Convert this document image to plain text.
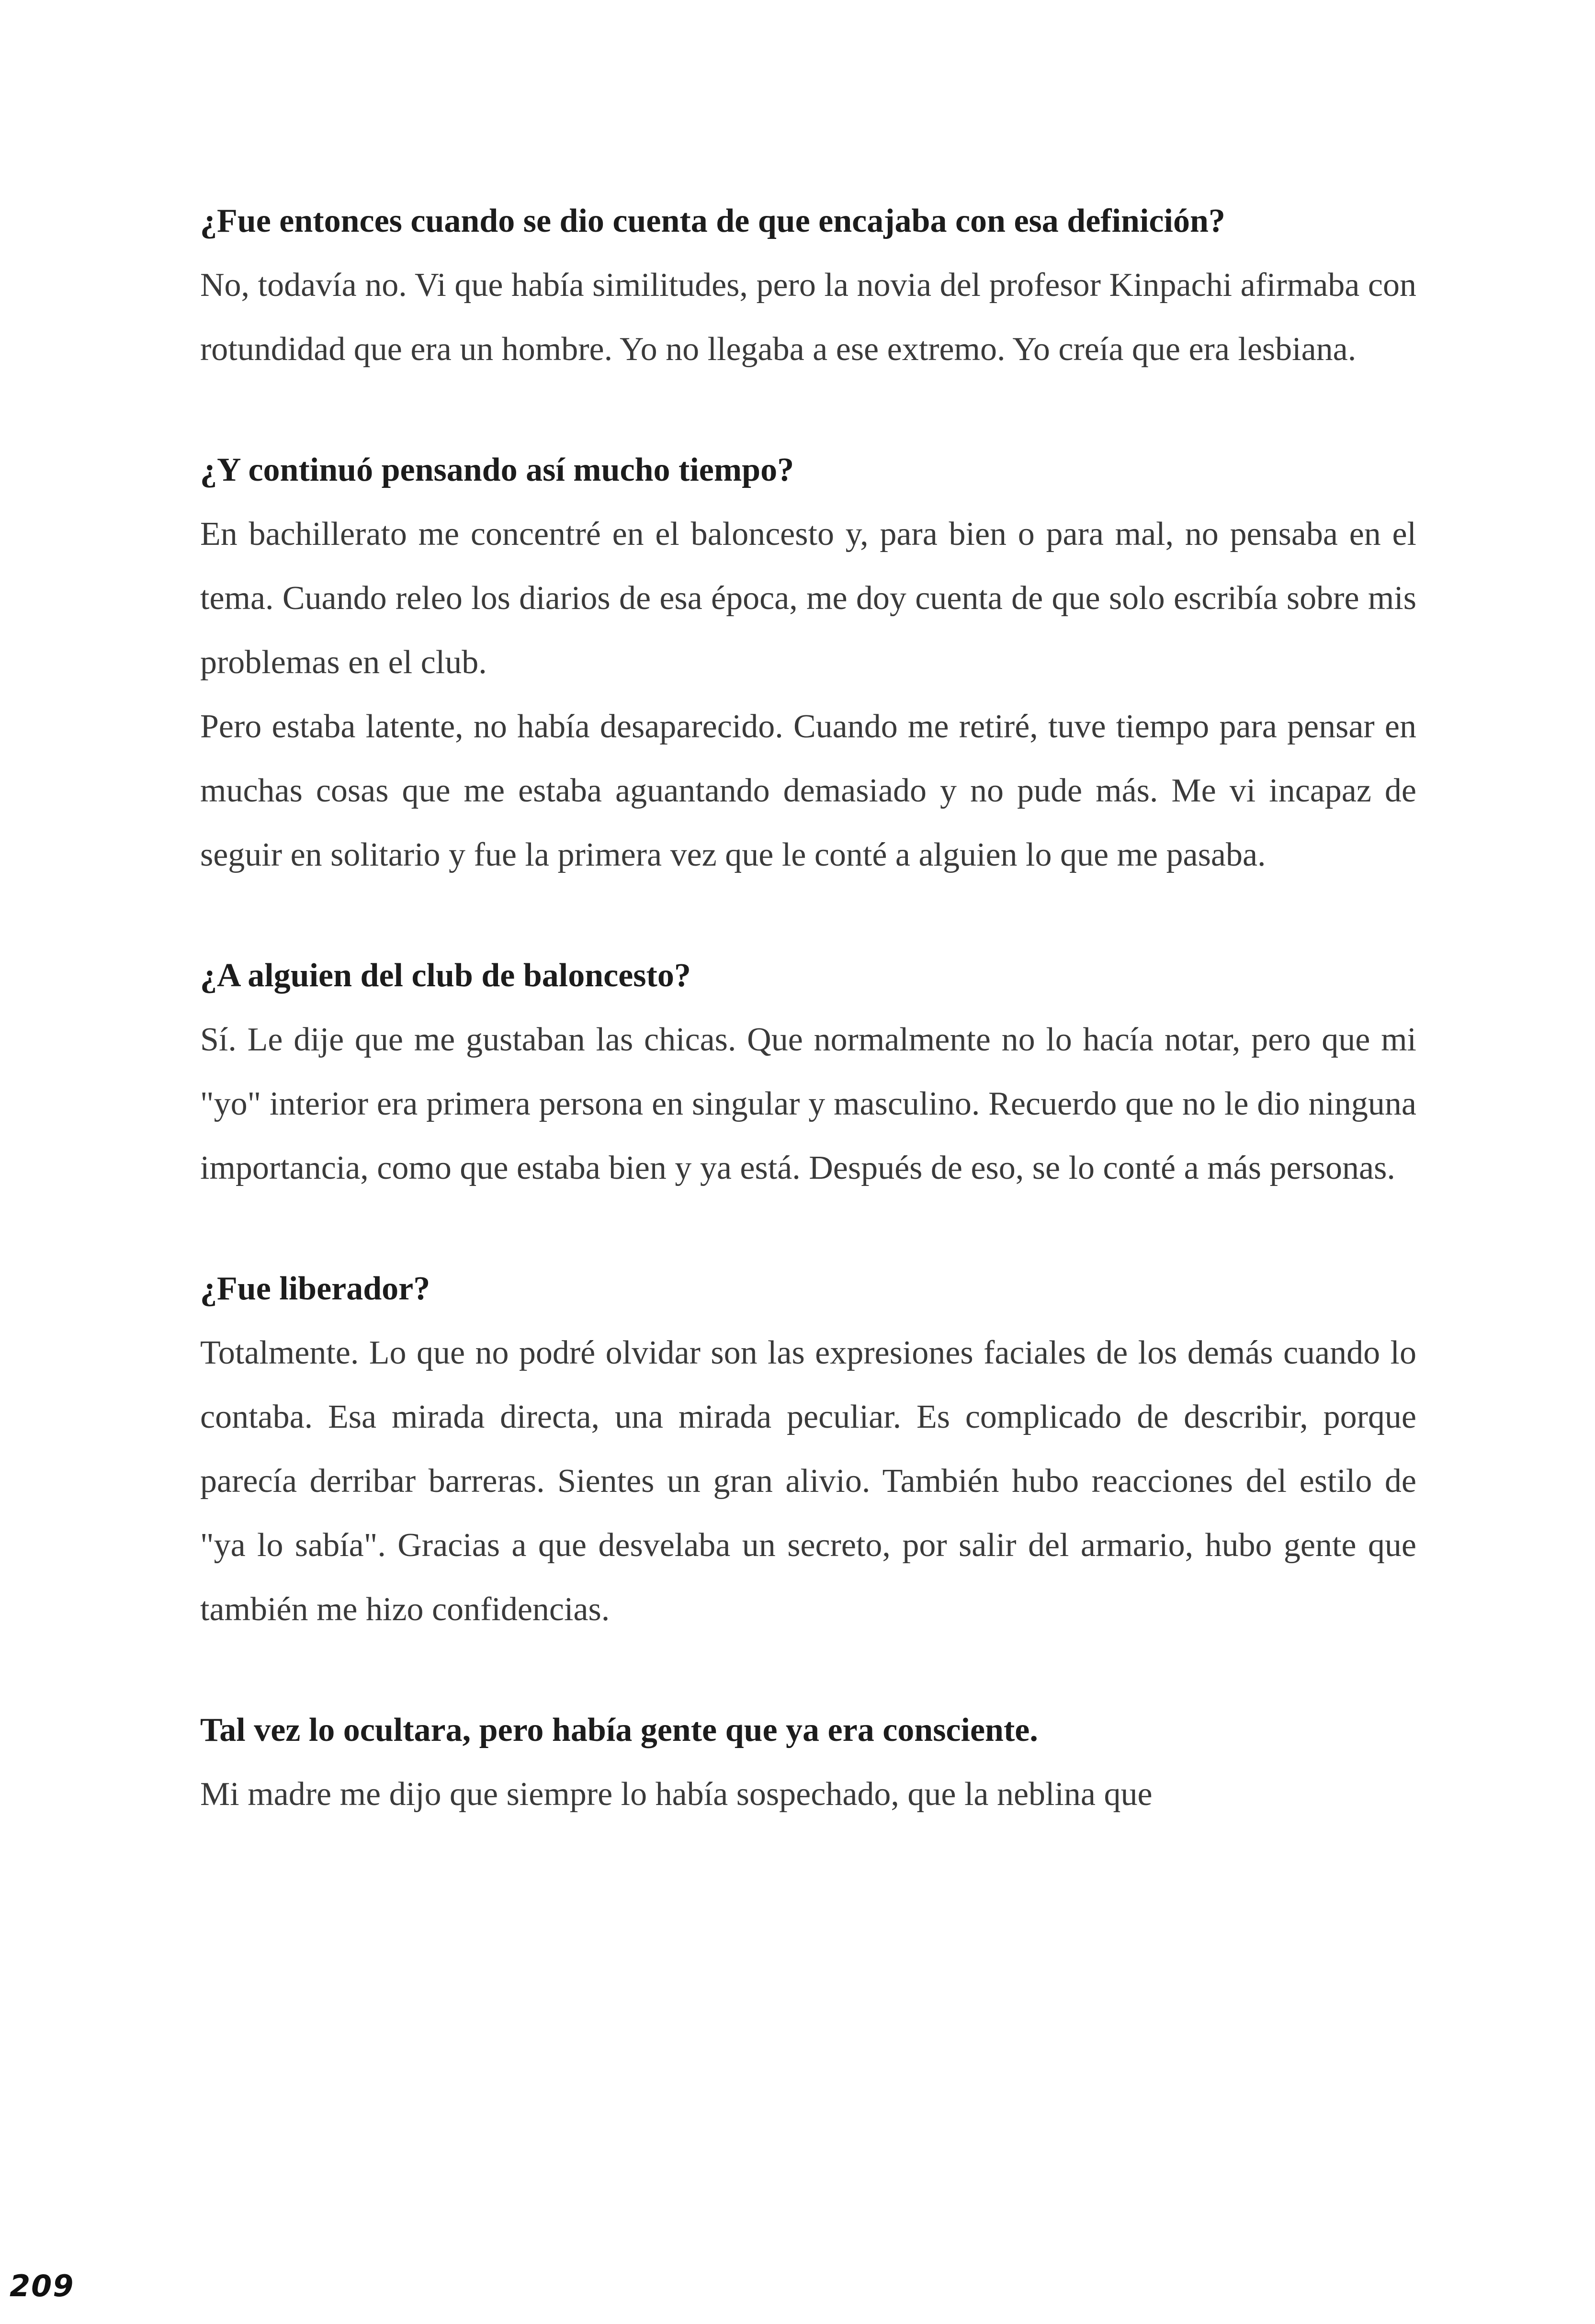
¿Fue entonces cuando se dio cuenta de que encajaba con esa definición?

No, todavía no. Vi que había similitudes, pero la novia del profesor Kinpachi afirmaba con rotundidad que era un hombre. Yo no llegaba a ese extremo. Yo creía que era lesbiana.

¿Y continuó pensando así mucho tiempo?

En bachillerato me concentré en el baloncesto y, para bien o para mal, no pensaba en el tema. Cuando releo los diarios de esa época, me doy cuenta de que solo escribía sobre mis problemas en el club.

Pero estaba latente, no había desaparecido. Cuando me retiré, tuve tiempo para pensar en muchas cosas que me estaba aguantando demasiado y no pude más. Me vi incapaz de seguir en solitario y fue la primera vez que le conté a alguien lo que me pasaba.

¿A alguien del club de baloncesto?

Sí. Le dije que me gustaban las chicas. Que normalmente no lo hacía notar, pero que mi "yo" interior era primera persona en singular y masculino. Recuerdo que no le dio ninguna importancia, como que estaba bien y ya está. Después de eso, se lo conté a más personas.

¿Fue liberador?

Totalmente. Lo que no podré olvidar son las expresiones faciales de los demás cuando lo contaba. Esa mirada directa, una mirada peculiar. Es complicado de describir, porque parecía derribar barreras. Sientes un gran alivio. También hubo reacciones del estilo de "ya lo sabía". Gracias a que desvelaba un secreto, por salir del armario, hubo gente que también me hizo confidencias.

Tal vez lo ocultara, pero había gente que ya era consciente.

Mi madre me dijo que siempre lo había sospechado, que la neblina que

209
